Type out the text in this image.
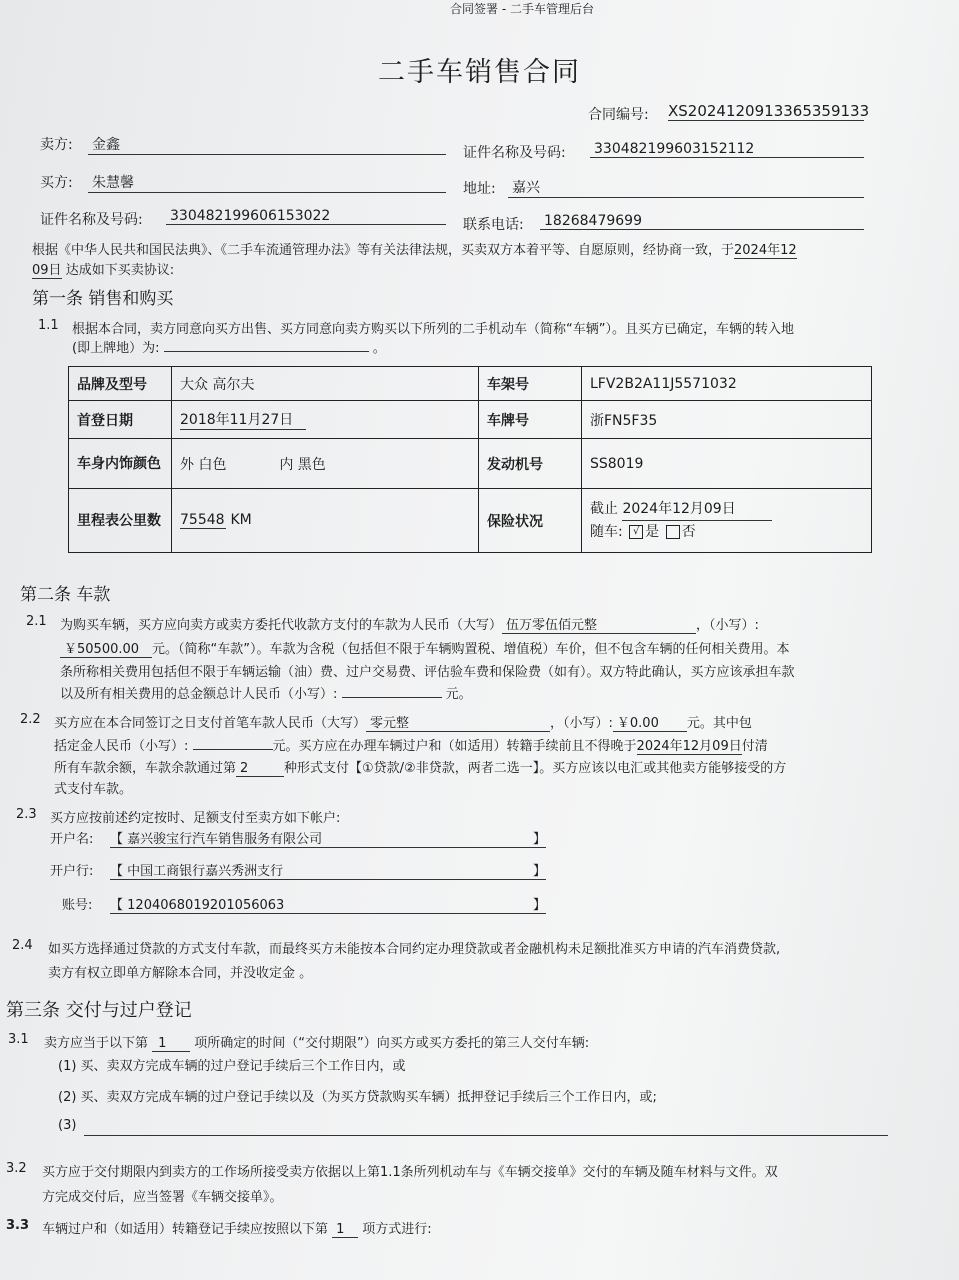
合同签署 - 二手车管理后台
二手车销售合同
合同编号: XS2024120913365359133
卖方: 金鑫	证件名称及号码: 330482199603152112
买方: 朱慧馨	地址: 嘉兴
证件名称及号码: 330482199606153022
联系电话: 18268479699
根据《中华人民共和国民法典》、《二手车流通管理办法》等有关法律法规，买卖双方本着平等、自愿原则，经协商一致，于2024年12
09日 达成如下买卖协议:
第一条 销售和购买
1.1 根据本合同，卖方同意向买方出售、买方同意向卖方购买以下所列的二手机动车（简称“车辆”）。且买方已确定，车辆的转入地
(即上牌地）为:	。
品牌及型号	大众 高尔夫	车架号	LFV2B2A11J5571032
首登日期	2018年11月27日	车牌号	浙FN5F35
车身内饰颜色	外 白色 内 黑色	发动机号	SS8019
里程表公里数	75548 KM	保险状况	截止 2024年12月09日
随车: √ 是 否
第二条 车款
2.1 为购买车辆，买方应向卖方或卖方委托代收款方支付的车款为人民币（大写） 伍万零伍佰元整	，（小写）:
￥50500.00 元。（简称“车款”）。车款为含税（包括但不限于车辆购置税、增值税）车价，但不包含车辆的任何相关费用。本
条所称相关费用包括但不限于车辆运输（油）费、过户交易费、评估验车费和保险费（如有）。双方特此确认，买方应该承担车款
以及所有相关费用的总金额总计人民币（小写）:	元。
2.2 买方应在本合同签订之日支付首笔车款人民币（大写） 零元整	，（小写）: ￥0.00 元。其中包
括定金人民币（小写）:	元。买方应在办理车辆过户和（如适用）转籍手续前且不得晚于2024年12月09日付清
所有车款余额，车款余款通过第 2	种形式支付【①贷款/②非贷款，两者二选一】。买方应该以电汇或其他卖方能够接受的方
式支付车款。
2.3 买方应按前述约定按时、足额支付至卖方如下帐户:
开户名: 【 嘉兴骏宝行汽车销售服务有限公司	】
开户行: 【 中国工商银行嘉兴秀洲支行	】
账号: 【 1204068019201056063	】
2.4 如买方选择通过贷款的方式支付车款，而最终买方未能按本合同约定办理贷款或者金融机构未足额批准买方申请的汽车消费贷款,
卖方有权立即单方解除本合同，并没收定金 。
第三条 交付与过户登记
3.1 卖方应当于以下第 1 项所确定的时间（“交付期限”）向买方或买方委托的第三人交付车辆:
(1) 买、卖双方完成车辆的过户登记手续后三个工作日内，或
(2) 买、卖双方完成车辆的过户登记手续以及（为买方贷款购买车辆）抵押登记手续后三个工作日内，或;
(3)
3.2 买方应于交付期限内到卖方的工作场所接受卖方依据以上第1.1条所列机动车与《车辆交接单》交付的车辆及随车材料与文件。双
方完成交付后，应当签署《车辆交接单》。
3.3 车辆过户和（如适用）转籍登记手续应按照以下第 1 项方式进行:
